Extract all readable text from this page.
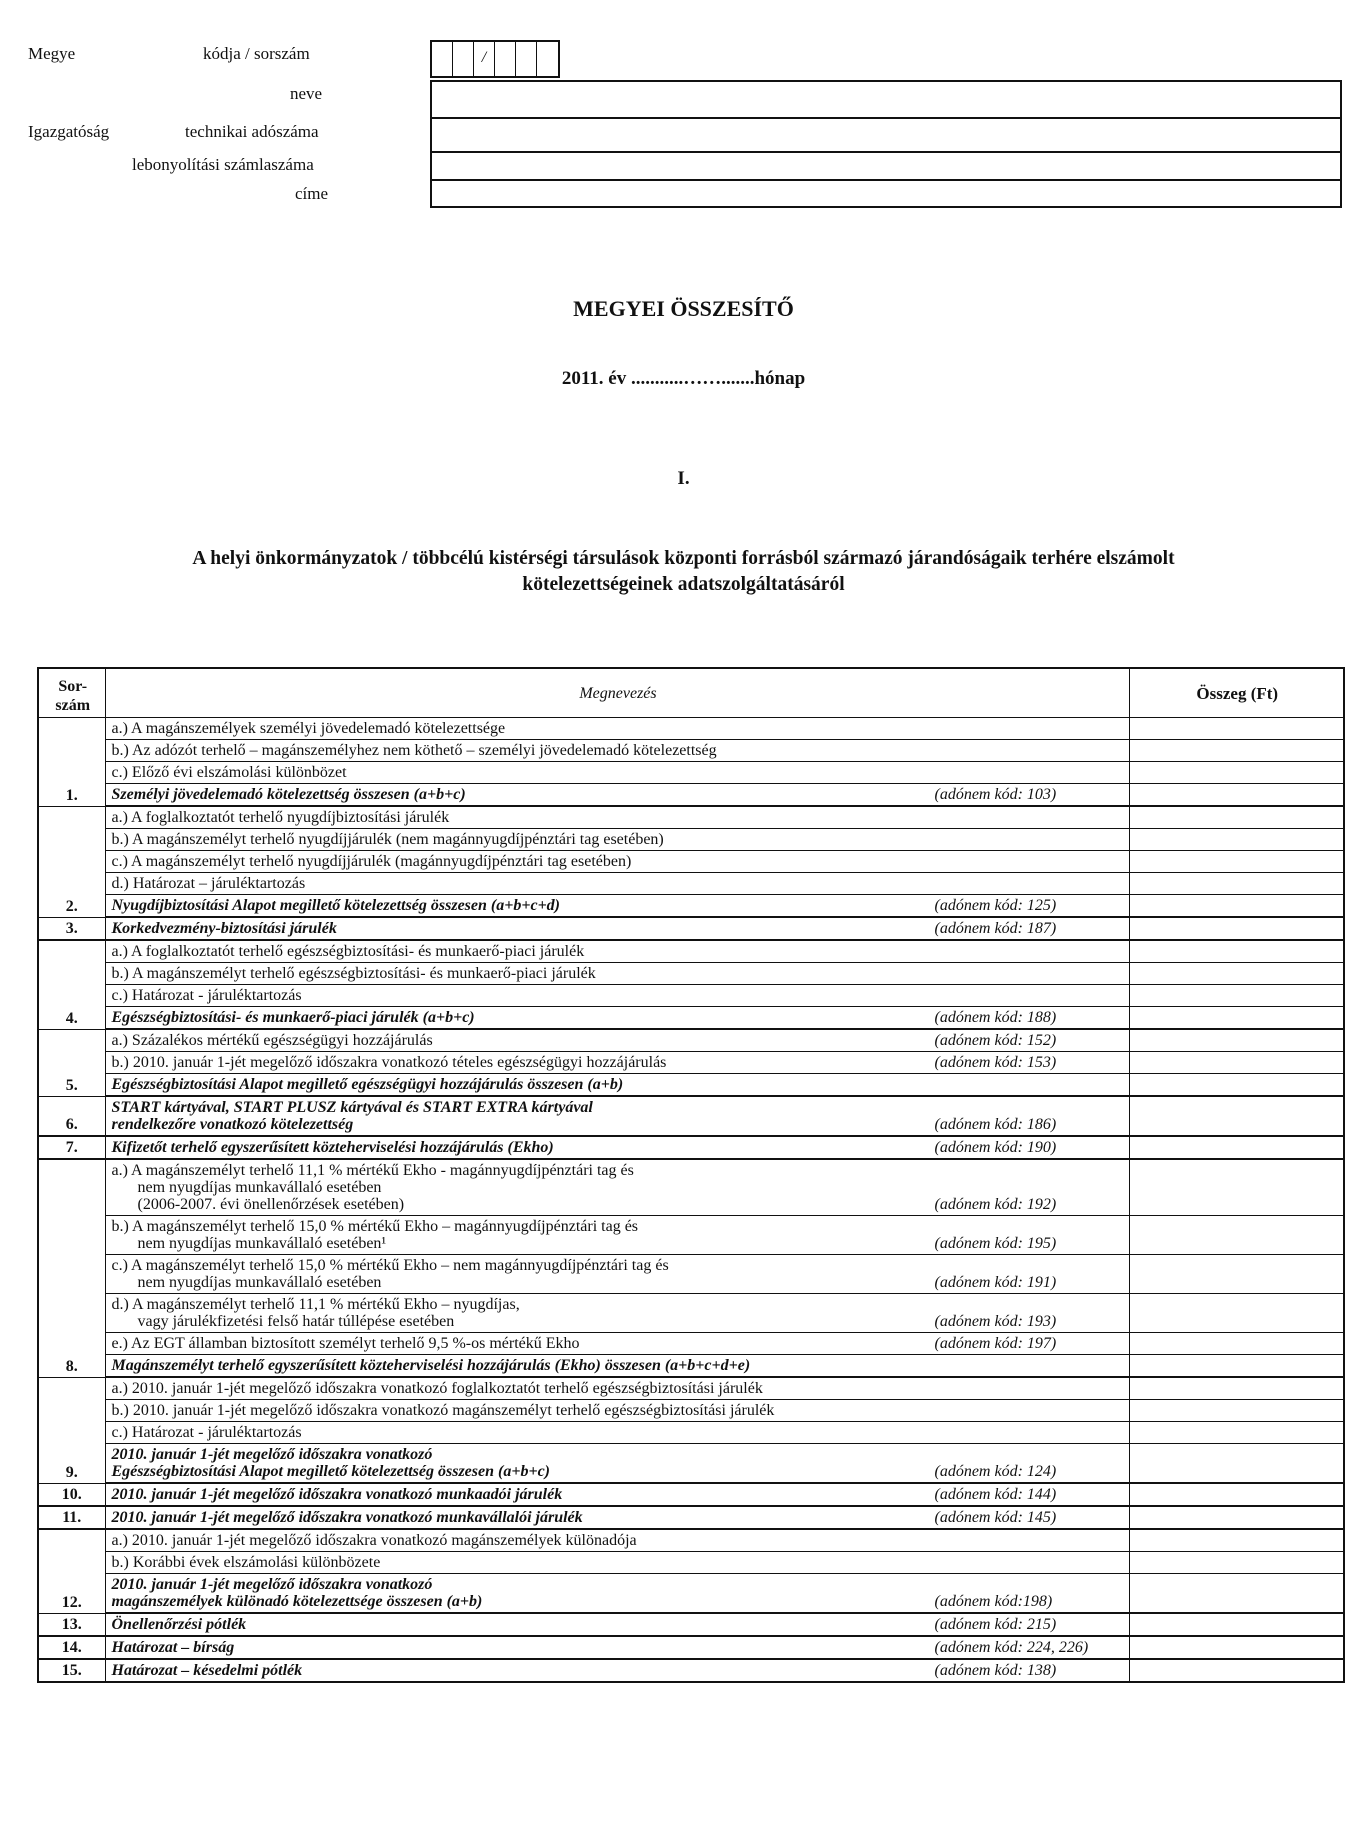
Megye	kódja / sorszám	/
neve
Igazgatóság	technikai adószáma
lebonyolítási számlaszáma
címe
MEGYEI ÖSSZESÍTŐ
2011. év ...........…….......hónap
I.
A helyi önkormányzatok / többcélú kistérségi társulások központi forrásból származó járandóságaik terhére elszámolt
kötelezettségeinek adatszolgáltatásáról
Sor-
szám	Megnevezés	Összeg (Ft)
1.	a.) A magánszemélyek személyi jövedelemadó kötelezettsége	

	b.) Az adózót terhelő – magánszemélyhez nem köthető – személyi jövedelemadó kötelezettség	

	c.) Előző évi elszámolási különbözet	

	Személyi jövedelemadó kötelezettség összesen (a+b+c) (adónem kód: 103)	

2.	a.) A foglalkoztatót terhelő nyugdíjbiztosítási járulék	

	b.) A magánszemélyt terhelő nyugdíjjárulék (nem magánnyugdíjpénztári tag esetében)	

	c.) A magánszemélyt terhelő nyugdíjjárulék (magánnyugdíjpénztári tag esetében)	

	d.) Határozat – járuléktartozás	

	Nyugdíjbiztosítási Alapot megillető kötelezettség összesen (a+b+c+d) (adónem kód: 125)	

3.	Korkedvezmény-biztosítási járulék (adónem kód: 187)	

4.	a.) A foglalkoztatót terhelő egészségbiztosítási- és munkaerő-piaci járulék	

	b.) A magánszemélyt terhelő egészségbiztosítási- és munkaerő-piaci járulék	

	c.) Határozat - járuléktartozás	

	Egészségbiztosítási- és munkaerő-piaci járulék (a+b+c) (adónem kód: 188)	

5.	a.) Százalékos mértékű egészségügyi hozzájárulás (adónem kód: 152)	

	b.) 2010. január 1-jét megelőző időszakra vonatkozó tételes egészségügyi hozzájárulás (adónem kód: 153)	

	Egészségbiztosítási Alapot megillető egészségügyi hozzájárulás összesen (a+b)	

6.	START kártyával, START PLUSZ kártyával és START EXTRA kártyával
rendelkezőre vonatkozó kötelezettség (adónem kód: 186)	

7.	Kifizetőt terhelő egyszerűsített közteherviselési hozzájárulás (Ekho) (adónem kód: 190)	

8.	a.) A magánszemélyt terhelő 11,1 % mértékű Ekho - magánnyugdíjpénztári tag és
nem nyugdíjas munkavállaló esetében
(2006-2007. évi önellenőrzések esetében) (adónem kód: 192)	

	b.) A magánszemélyt terhelő 15,0 % mértékű Ekho – magánnyugdíjpénztári tag és
nem nyugdíjas munkavállaló esetében¹ (adónem kód: 195)	

	c.) A magánszemélyt terhelő 15,0 % mértékű Ekho – nem magánnyugdíjpénztári tag és
nem nyugdíjas munkavállaló esetében (adónem kód: 191)	

	d.) A magánszemélyt terhelő 11,1 % mértékű Ekho – nyugdíjas,
vagy járulékfizetési felső határ túllépése esetében (adónem kód: 193)	

	e.) Az EGT államban biztosított személyt terhelő 9,5 %-os mértékű Ekho (adónem kód: 197)	

	Magánszemélyt terhelő egyszerűsített közteherviselési hozzájárulás (Ekho) összesen (a+b+c+d+e)	

9.	a.) 2010. január 1-jét megelőző időszakra vonatkozó foglalkoztatót terhelő egészségbiztosítási járulék	

	b.) 2010. január 1-jét megelőző időszakra vonatkozó magánszemélyt terhelő egészségbiztosítási járulék	

	c.) Határozat - járuléktartozás	

	2010. január 1-jét megelőző időszakra vonatkozó
Egészségbiztosítási Alapot megillető kötelezettség összesen (a+b+c) (adónem kód: 124)	

10.	2010. január 1-jét megelőző időszakra vonatkozó munkaadói járulék (adónem kód: 144)	

11.	2010. január 1-jét megelőző időszakra vonatkozó munkavállalói járulék (adónem kód: 145)	

12.	a.) 2010. január 1-jét megelőző időszakra vonatkozó magánszemélyek különadója	

	b.) Korábbi évek elszámolási különbözete	

	2010. január 1-jét megelőző időszakra vonatkozó
magánszemélyek különadó kötelezettsége összesen (a+b) (adónem kód:198)	

13.	Önellenőrzési pótlék (adónem kód: 215)	

14.	Határozat – bírság (adónem kód: 224, 226)	

15.	Határozat – késedelmi pótlék (adónem kód: 138)	
